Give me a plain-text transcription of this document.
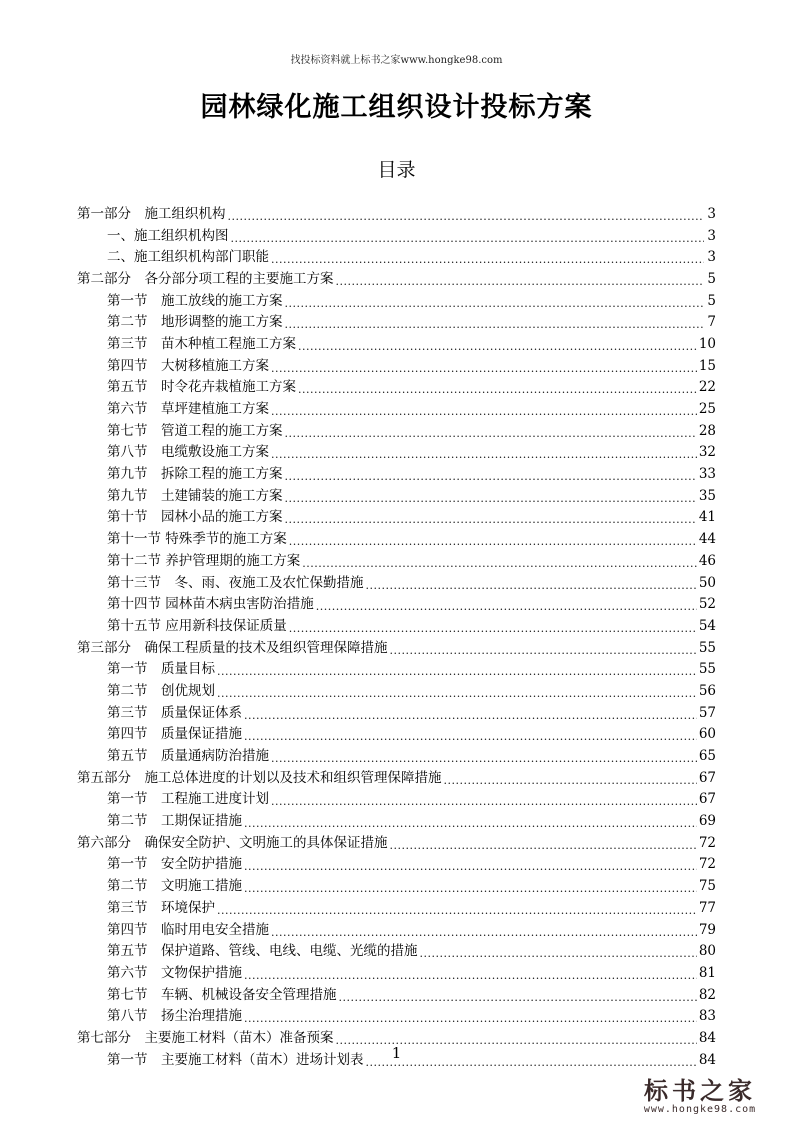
找投标资料就上标书之家www.hongke98.com
园林绿化施工组织设计投标方案
目录
第一部分　施工组织机构 .....	3
一、施工组织机构图 .....	3
二、施工组织机构部门职能 .....	3
第二部分　各分部分项工程的主要施工方案 .....	5
第一节　施工放线的施工方案 .....	5
第二节　地形调整的施工方案 .....	7
第三节　苗木种植工程施工方案 .....	10
第四节　大树移植施工方案 .....	15
第五节　时令花卉栽植施工方案 .....	22
第六节　草坪建植施工方案 .....	25
第七节　管道工程的施工方案 .....	28
第八节　电缆敷设施工方案 .....	32
第九节　拆除工程的施工方案 .....	33
第九节　土建铺装的施工方案 .....	35
第十节　园林小品的施工方案 .....	41
第十一节 特殊季节的施工方案 .....	44
第十二节 养护管理期的施工方案 .....	46
第十三节　冬、雨、夜施工及农忙保勤措施 .....	50
第十四节 园林苗木病虫害防治措施 .....	52
第十五节 应用新科技保证质量 .....	54
第三部分　确保工程质量的技术及组织管理保障措施 .....	55
第一节　质量目标 .....	55
第二节　创优规划 .....	56
第三节　质量保证体系 .....	57
第四节　质量保证措施 .....	60
第五节　质量通病防治措施 .....	65
第五部分　施工总体进度的计划以及技术和组织管理保障措施 .....	67
第一节　工程施工进度计划 .....	67
第二节　工期保证措施 .....	69
第六部分　确保安全防护、文明施工的具体保证措施 .....	72
第一节　安全防护措施 .....	72
第二节　文明施工措施 .....	75
第三节　环境保护 .....	77
第四节　临时用电安全措施 .....	79
第五节　保护道路、管线、电线、电缆、光缆的措施 .....	80
第六节　文物保护措施 .....	81
第七节　车辆、机械设备安全管理措施 .....	82
第八节　扬尘治理措施 .....	83
第七部分　主要施工材料（苗木）准备预案 .....	84
第一节　主要施工材料（苗木）进场计划表 .....	84
1
标书之家
www.hongke98.com
